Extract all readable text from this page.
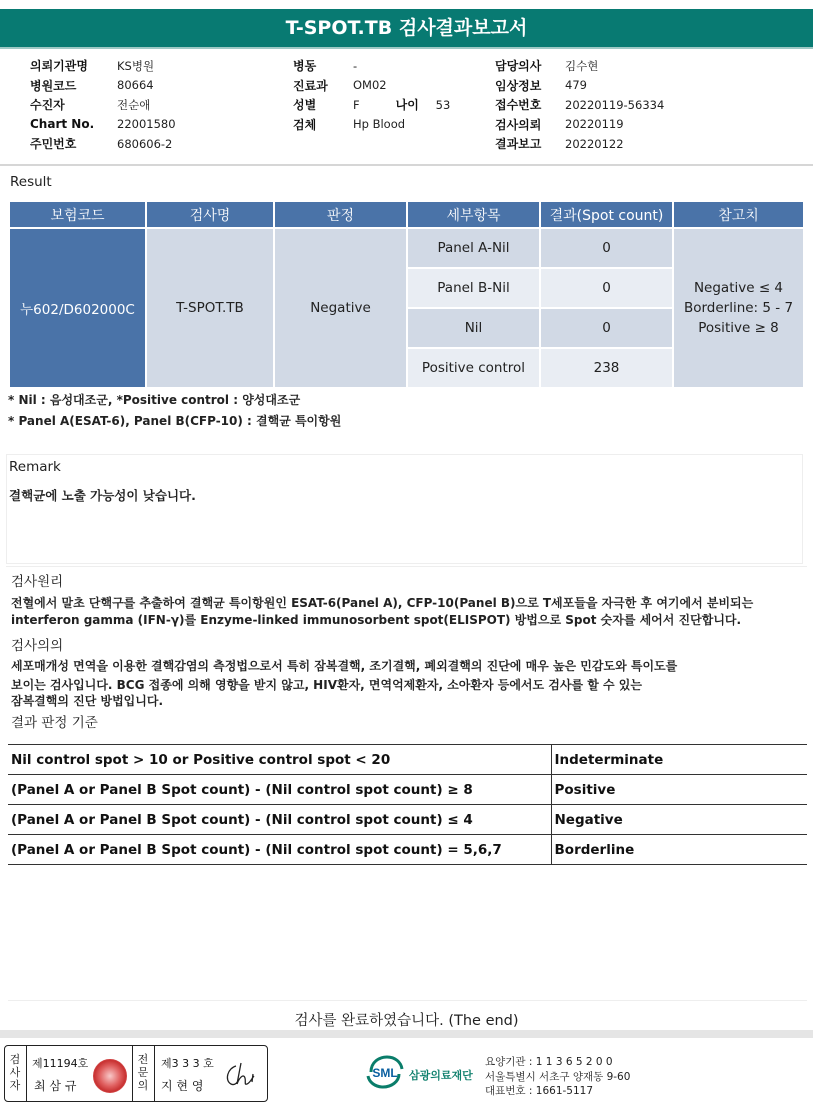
T-SPOT.TB 검사결과보고서
의뢰기관명	KS병원
병원코드	80664
수진자	전순애
Chart No.	22001580
주민번호	680606-2
병동	-
진료과	OM02
성별	F	나이	53
검체	Hp Blood
담당의사	김수현
임상정보	479
접수번호	20220119-56334
검사의뢰	20220119
결과보고	20220122
Result
보험코드	검사명	판정	세부항목	결과(Spot count)	참고치
누602/D602000C	T-SPOT.TB	Negative	Panel A-Nil	0	Negative ≤ 4
Borderline: 5 - 7
Positive ≥ 8

			Panel B-Nil	0	
			Nil	0	
			Positive control	238	
* Nil : 음성대조군, *Positive control : 양성대조군
* Panel A(ESAT-6), Panel B(CFP-10) : 결핵균 특이항원
Remark
결핵균에 노출 가능성이 낮습니다.
검사원리
전혈에서 말초 단핵구를 추출하여 결핵균 특이항원인 ESAT-6(Panel A), CFP-10(Panel B)으로 T세포들을 자극한 후 여기에서 분비되는
interferon gamma (IFN-γ)를 Enzyme-linked immunosorbent spot(ELISPOT) 방법으로 Spot 숫자를 세어서 진단합니다.
검사의의
세포매개성 면역을 이용한 결핵감염의 측정법으로서 특히 잠복결핵, 조기결핵, 폐외결핵의 진단에 매우 높은 민감도와 특이도를
보이는 검사입니다. BCG 접종에 의해 영향을 받지 않고, HIV환자, 면역억제환자, 소아환자 등에서도 검사를 할 수 있는
잠복결핵의 진단 방법입니다.
결과 판정 기준
Nil control spot > 10 or Positive control spot < 20	Indeterminate
(Panel A or Panel B Spot count) - (Nil control spot count) ≥ 8	Positive
(Panel A or Panel B Spot count) - (Nil control spot count) ≤ 4	Negative
(Panel A or Panel B Spot count) - (Nil control spot count) = 5,6,7	Borderline
검사를 완료하였습니다. (The end)
검사자
제11194호
최 삼 규
전문의
제3 3 3 호
지 현 영
SML 삼광의료재단
요양기관 : 1 1 3 6 5 2 0 0
서울특별시 서초구 양재동 9-60
대표번호 : 1661-5117
